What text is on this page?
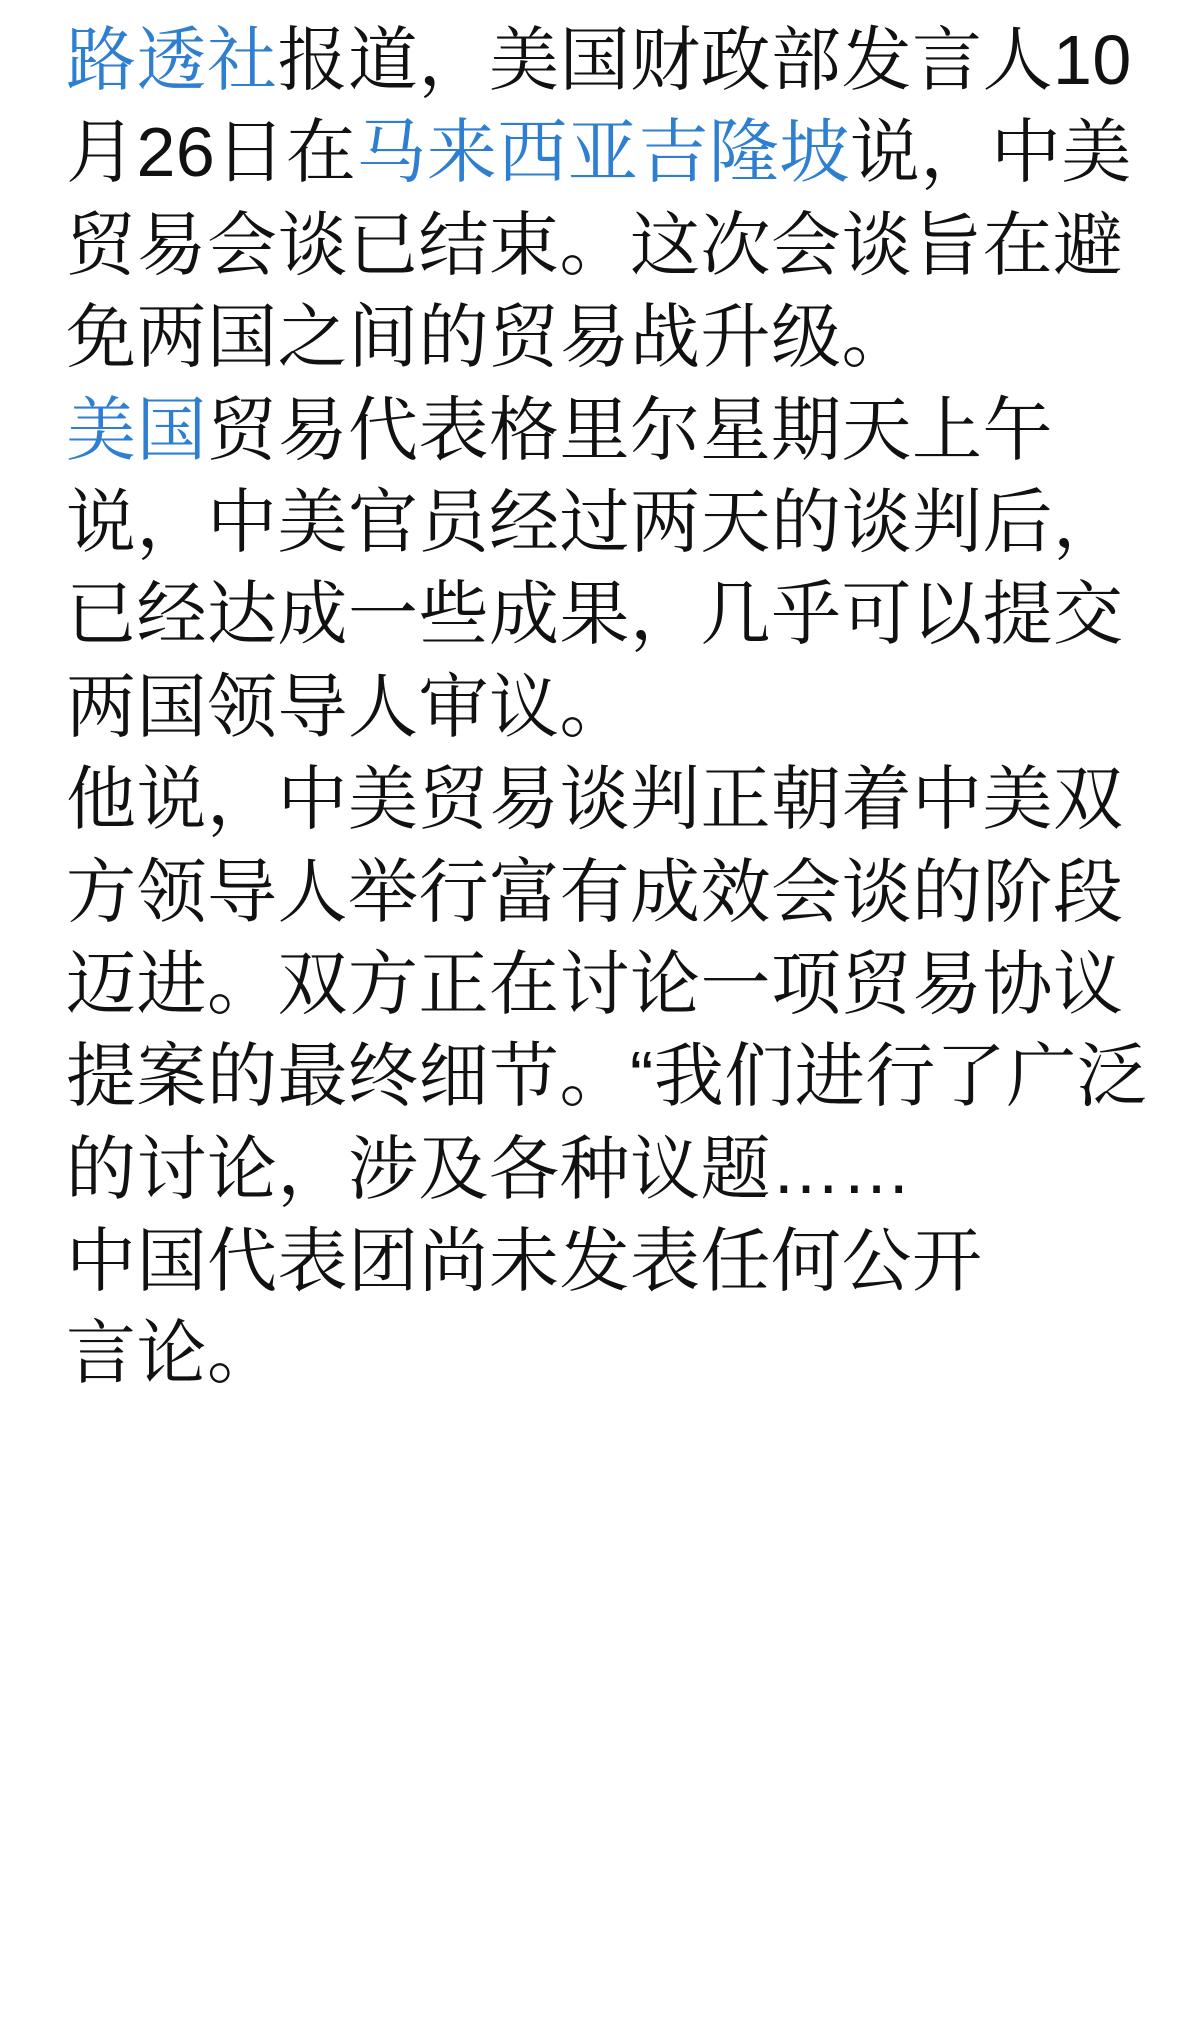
路透社报道，美国财政部发言人10月26日在马来西亚吉隆坡说，中美贸易会谈已结束。这次会谈旨在避免两国之间的贸易战升级。

美国贸易代表格里尔星期天上午说，中美官员经过两天的谈判后，已经达成一些成果，几乎可以提交两国领导人审议。

他说，中美贸易谈判正朝着中美双方领导人举行富有成效会谈的阶段迈进。双方正在讨论一项贸易协议提案的最终细节。“我们进行了广泛的讨论，涉及各种议题……

中国代表团尚未发表任何公开

言论。
